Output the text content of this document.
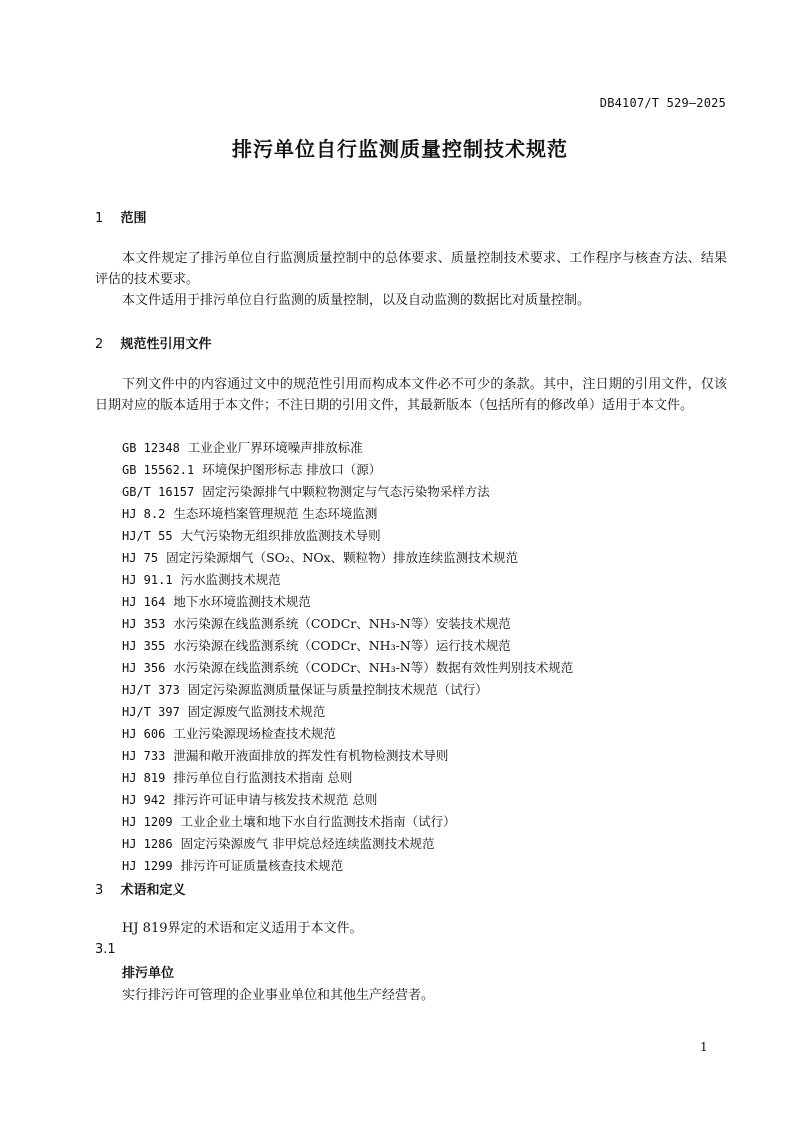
DB4107/T 529—2025
排污单位自行监测质量控制技术规范
1 范围
本文件规定了排污单位自行监测质量控制中的总体要求、质量控制技术要求、工作程序与核查方法、结果评估的技术要求。
本文件适用于排污单位自行监测的质量控制，以及自动监测的数据比对质量控制。
2 规范性引用文件
下列文件中的内容通过文中的规范性引用而构成本文件必不可少的条款。其中，注日期的引用文件，仅该日期对应的版本适用于本文件；不注日期的引用文件，其最新版本（包括所有的修改单）适用于本文件。
GB 12348 工业企业厂界环境噪声排放标准
GB 15562.1 环境保护图形标志 排放口（源）
GB/T 16157 固定污染源排气中颗粒物测定与气态污染物采样方法
HJ 8.2 生态环境档案管理规范 生态环境监测
HJ/T 55 大气污染物无组织排放监测技术导则
HJ 75 固定污染源烟气（SO₂、NOx、颗粒物）排放连续监测技术规范
HJ 91.1 污水监测技术规范
HJ 164 地下水环境监测技术规范
HJ 353 水污染源在线监测系统（CODCr、NH₃-N等）安装技术规范
HJ 355 水污染源在线监测系统（CODCr、NH₃-N等）运行技术规范
HJ 356 水污染源在线监测系统（CODCr、NH₃-N等）数据有效性判别技术规范
HJ/T 373 固定污染源监测质量保证与质量控制技术规范（试行）
HJ/T 397 固定源废气监测技术规范
HJ 606 工业污染源现场检查技术规范
HJ 733 泄漏和敞开液面排放的挥发性有机物检测技术导则
HJ 819 排污单位自行监测技术指南 总则
HJ 942 排污许可证申请与核发技术规范 总则
HJ 1209 工业企业土壤和地下水自行监测技术指南（试行）
HJ 1286 固定污染源废气 非甲烷总烃连续监测技术规范
HJ 1299 排污许可证质量核查技术规范
3 术语和定义
HJ 819界定的术语和定义适用于本文件。
3.1
排污单位
实行排污许可管理的企业事业单位和其他生产经营者。
1
